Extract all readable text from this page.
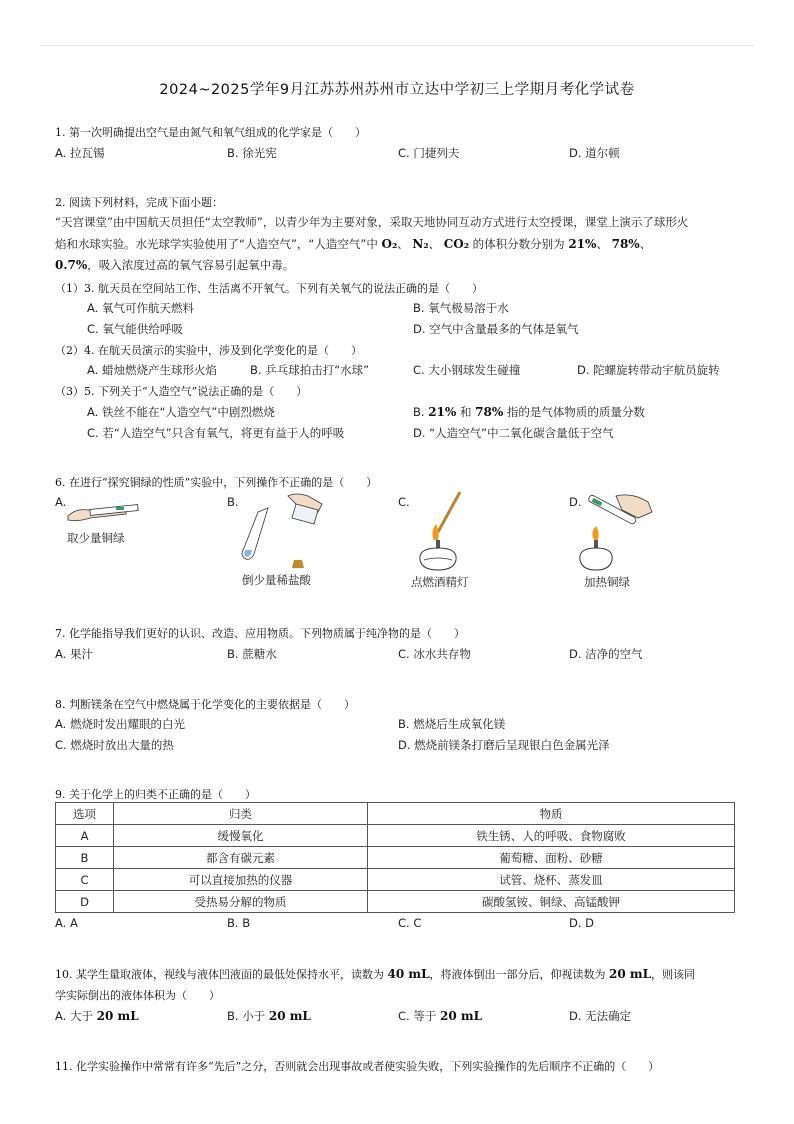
2024~2025学年9月江苏苏州苏州市立达中学初三上学期月考化学试卷
1. 第一次明确提出空气是由氮气和氧气组成的化学家是（　　）
A. 拉瓦锡	B. 徐光宪	C. 门捷列夫	D. 道尔顿
2. 阅读下列材料，完成下面小题：
“天宫课堂”由中国航天员担任“太空教师”，以青少年为主要对象，采取天地协同互动方式进行太空授课，课堂上演示了球形火
焰和水球实验。水光球学实验使用了“人造空气”，“人造空气”中 O₂、 N₂、 CO₂ 的体积分数分别为 21%、 78%、
0.7%，吸入浓度过高的氧气容易引起氧中毒。
（1）3. 航天员在空间站工作、生活离不开氧气。下列有关氧气的说法正确的是（　　）
A. 氧气可作航天燃料	B. 氧气极易溶于水
C. 氧气能供给呼吸	D. 空气中含量最多的气体是氧气
（2）4. 在航天员演示的实验中，涉及到化学变化的是（　　）
A. 蜡烛燃烧产生球形火焰	B. 乒乓球拍击打“水球”	C. 大小钢球发生碰撞	D. 陀螺旋转带动宇航员旋转
（3）5. 下列关于“人造空气”说法正确的是（　　）
A. 铁丝不能在“人造空气”中剧烈燃烧	B. 21% 和 78% 指的是气体物质的质量分数
C. 若“人造空气”只含有氧气，将更有益于人的呼吸	D. “人造空气”中二氧化碳含量低于空气
6. 在进行“探究铜绿的性质”实验中，下列操作不正确的是（　　）
A.	B.	C.	D.
取少量铜绿
倒少量稀盐酸	点燃酒精灯	加热铜绿
7. 化学能指导我们更好的认识、改造、应用物质。下列物质属于纯净物的是（　　）
A. 果汁	B. 蔗糖水	C. 冰水共存物	D. 洁净的空气
8. 判断镁条在空气中燃烧属于化学变化的主要依据是（　　）
A. 燃烧时发出耀眼的白光	B. 燃烧后生成氧化镁
C. 燃烧时放出大量的热	D. 燃烧前镁条打磨后呈现银白色金属光泽
9. 关于化学上的归类不正确的是（　　）
选项	归类	物质
A	缓慢氧化	铁生锈、人的呼吸、食物腐败
B	都含有碳元素	葡萄糖、面粉、砂糖
C	可以直接加热的仪器	试管、烧杯、蒸发皿
D	受热易分解的物质	碳酸氢铵、铜绿、高锰酸钾
A. A	B. B	C. C	D. D
10. 某学生量取液体，视线与液体凹液面的最低处保持水平，读数为 40 mL，将液体倒出一部分后，仰视读数为 20 mL，则该同
学实际倒出的液体体积为（　　）
A. 大于 20 mL	B. 小于 20 mL	C. 等于 20 mL	D. 无法确定
11. 化学实验操作中常常有许多“先后”之分，否则就会出现事故或者使实验失败，下列实验操作的先后顺序不正确的（　　）
